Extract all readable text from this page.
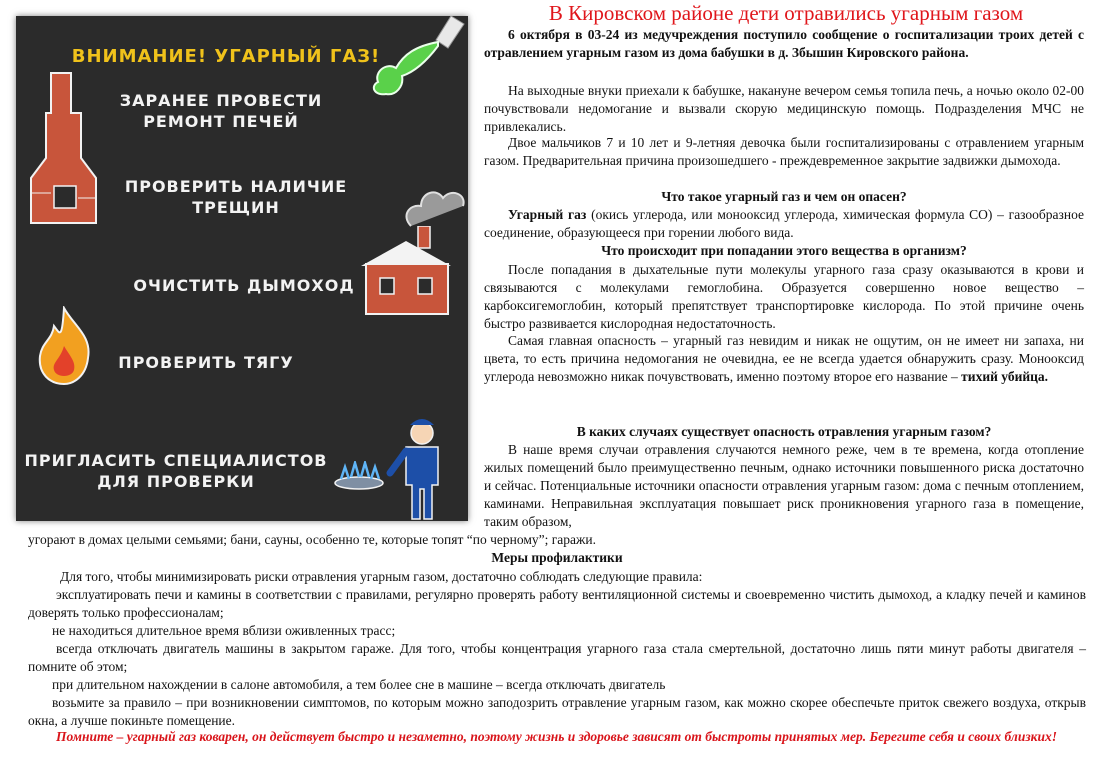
ВНИМАНИЕ! УГАРНЫЙ ГАЗ!
ЗАРАНЕЕ ПРОВЕСТИ
РЕМОНТ ПЕЧЕЙ
ПРОВЕРИТЬ НАЛИЧИЕ
ТРЕЩИН
ОЧИСТИТЬ ДЫМОХОД
ПРОВЕРИТЬ ТЯГУ
ПРИГЛАСИТЬ СПЕЦИАЛИСТОВ
ДЛЯ ПРОВЕРКИ
В Кировском районе дети отравились угарным газом

6 октября в 03-24 из медучреждения поступило сообщение о госпитализации троих детей с отравлением угарным газом из дома бабушки в д. Збышин Кировского района.

На выходные внуки приехали к бабушке, накануне вечером семья топила печь, а ночью около 02-00 почувствовали недомогание и вызвали скорую медицинскую помощь. Подразделения МЧС не привлекались.

Двое мальчиков 7 и 10 лет и 9-летняя девочка были госпитализированы с отравлением угарным газом. Предварительная причина произошедшего - преждевременное закрытие задвижки дымохода.

Что такое угарный газ и чем он опасен?

Угарный газ (окись углерода, или монооксид углерода, химическая формула СО) – газообразное соединение, образующееся при горении любого вида.

Что происходит при попадании этого вещества в организм?

После попадания в дыхательные пути молекулы угарного газа сразу оказываются в крови и связываются с молекулами гемоглобина. Образуется совершенно новое вещество – карбоксигемоглобин, который препятствует транспортировке кислорода. По этой причине очень быстро развивается кислородная недостаточность.

Самая главная опасность – угарный газ невидим и никак не ощутим, он не имеет ни запаха, ни цвета, то есть причина недомогания не очевидна, ее не всегда удается обнаружить сразу. Монооксид углерода невозможно никак почувствовать, именно поэтому второе его название – тихий убийца.

В каких случаях существует опасность отравления угарным газом?

В наше время случаи отравления случаются немного реже, чем в те времена, когда отопление жилых помещений было преимущественно печным, однако источники повышенного риска достаточно и сейчас. Потенциальные источники опасности отравления угарным газом: дома с печным отоплением, каминами. Неправильная эксплуатация повышает риск проникновения угарного газа в помещение, таким образом,

угорают в домах целыми семьями; бани, сауны, особенно те, которые топят “по черному”; гаражи.

Меры профилактики

Для того, чтобы минимизировать риски отравления угарным газом, достаточно соблюдать следующие правила:

эксплуатировать печи и камины в соответствии с правилами, регулярно проверять работу вентиляционной системы и своевременно чистить дымоход, а кладку печей и каминов доверять только профессионалам;

не находиться длительное время вблизи оживленных трасс;

всегда отключать двигатель машины в закрытом гараже. Для того, чтобы концентрация угарного газа стала смертельной, достаточно лишь пяти минут работы двигателя – помните об этом;

при длительном нахождении в салоне автомобиля, а тем более сне в машине – всегда отключать двигатель

возьмите за правило – при возникновении симптомов, по которым можно заподозрить отравление угарным газом, как можно скорее обеспечьте приток свежего воздуха, открыв окна, а лучше покиньте помещение.

Помните – угарный газ коварен, он действует быстро и незаметно, поэтому жизнь и здоровье зависят от быстроты принятых мер. Берегите себя и своих близких!
